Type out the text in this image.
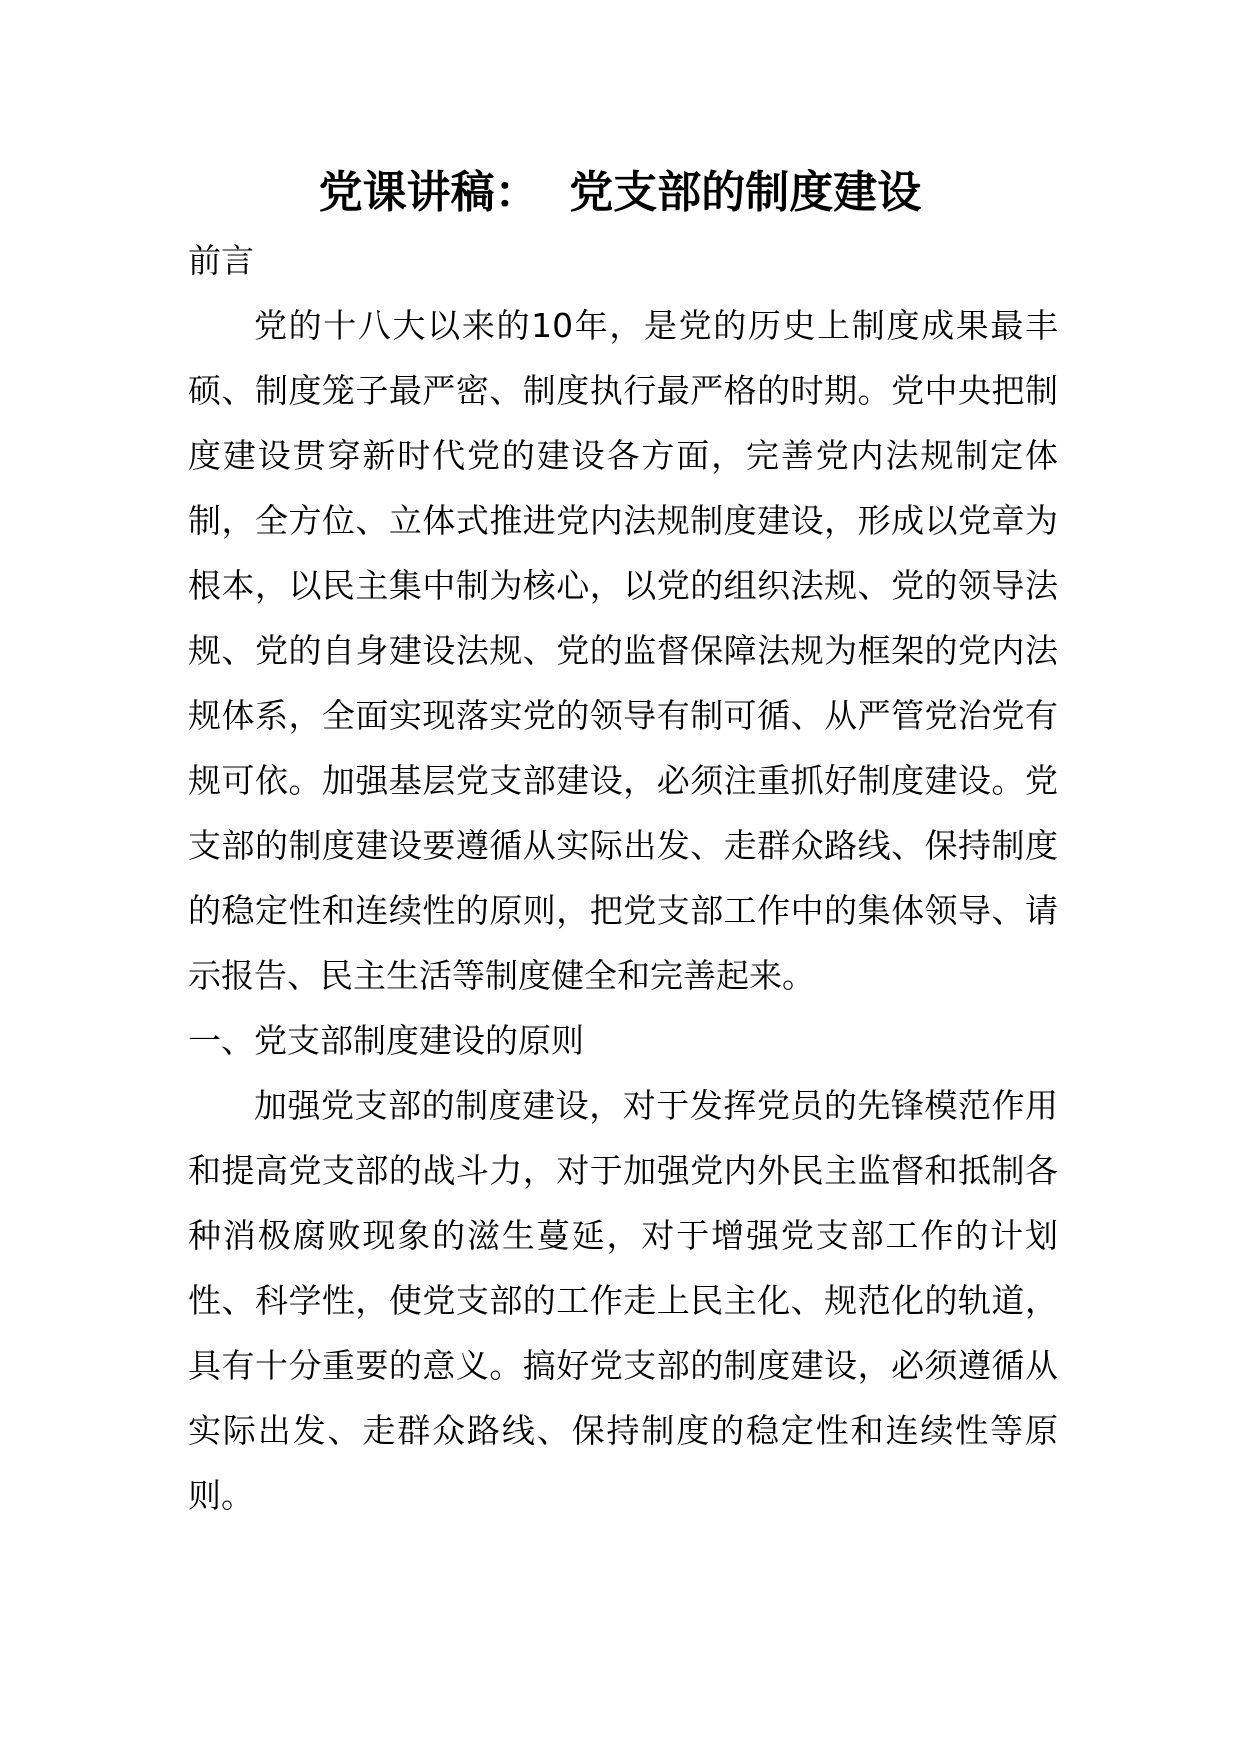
党课讲稿：  党支部的制度建设
前言

党的十八大以来的10年，是党的历史上制度成果最丰硕、制度笼子最严密、制度执行最严格的时期。党中央把制度建设贯穿新时代党的建设各方面，完善党内法规制定体制，全方位、立体式推进党内法规制度建设，形成以党章为根本，以民主集中制为核心，以党的组织法规、党的领导法规、党的自身建设法规、党的监督保障法规为框架的党内法规体系，全面实现落实党的领导有制可循、从严管党治党有规可依。加强基层党支部建设，必须注重抓好制度建设。党支部的制度建设要遵循从实际出发、走群众路线、保持制度的稳定性和连续性的原则，把党支部工作中的集体领导、请示报告、民主生活等制度健全和完善起来。

一、党支部制度建设的原则

加强党支部的制度建设，对于发挥党员的先锋模范作用和提高党支部的战斗力，对于加强党内外民主监督和抵制各种消极腐败现象的滋生蔓延，对于增强党支部工作的计划性、科学性，使党支部的工作走上民主化、规范化的轨道，具有十分重要的意义。搞好党支部的制度建设，必须遵循从实际出发、走群众路线、保持制度的稳定性和连续性等原则。
